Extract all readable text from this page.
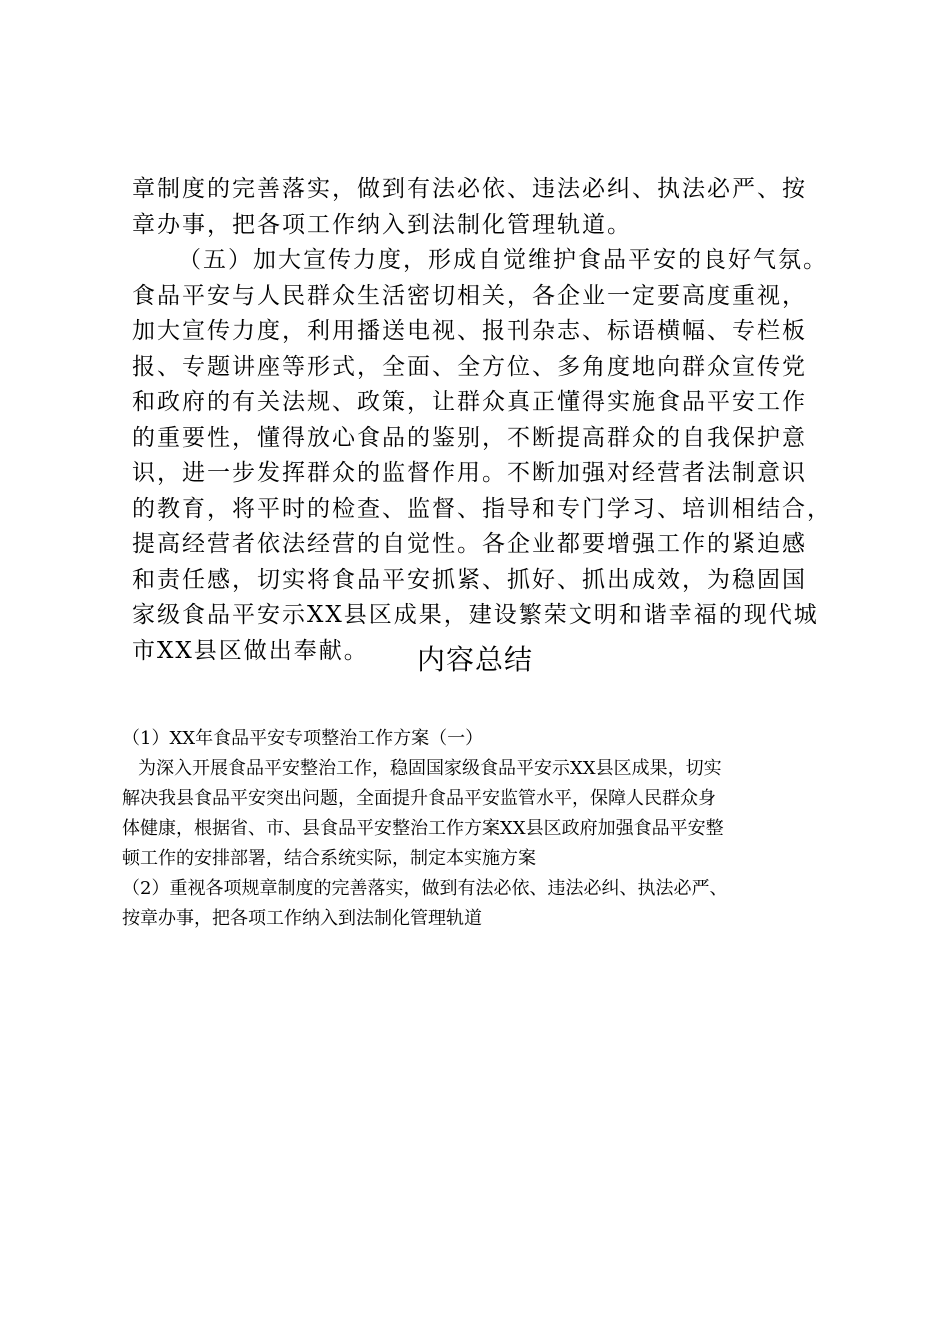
章制度的完善落实，做到有法必依、违法必纠、执法必严、按
章办事，把各项工作纳入到法制化管理轨道。
（五）加大宣传力度，形成自觉维护食品平安的良好气氛。
食品平安与人民群众生活密切相关，各企业一定要高度重视，
加大宣传力度，利用播送电视、报刊杂志、标语横幅、专栏板
报、专题讲座等形式，全面、全方位、多角度地向群众宣传党
和政府的有关法规、政策，让群众真正懂得实施食品平安工作
的重要性，懂得放心食品的鉴别，不断提高群众的自我保护意
识，进一步发挥群众的监督作用。不断加强对经营者法制意识
的教育，将平时的检查、监督、指导和专门学习、培训相结合，
提高经营者依法经营的自觉性。各企业都要增强工作的紧迫感
和责任感，切实将食品平安抓紧、抓好、抓出成效，为稳固国
家级食品平安示XX县区成果，建设繁荣文明和谐幸福的现代城
市XX县区做出奉献。	内容总结
（1）XX年食品平安专项整治工作方案（一）
为深入开展食品平安整治工作，稳固国家级食品平安示XX县区成果，切实
解决我县食品平安突出问题，全面提升食品平安监管水平，保障人民群众身
体健康，根据省、市、县食品平安整治工作方案XX县区政府加强食品平安整
顿工作的安排部署，结合系统实际，制定本实施方案
（2）重视各项规章制度的完善落实，做到有法必依、违法必纠、执法必严、
按章办事，把各项工作纳入到法制化管理轨道
